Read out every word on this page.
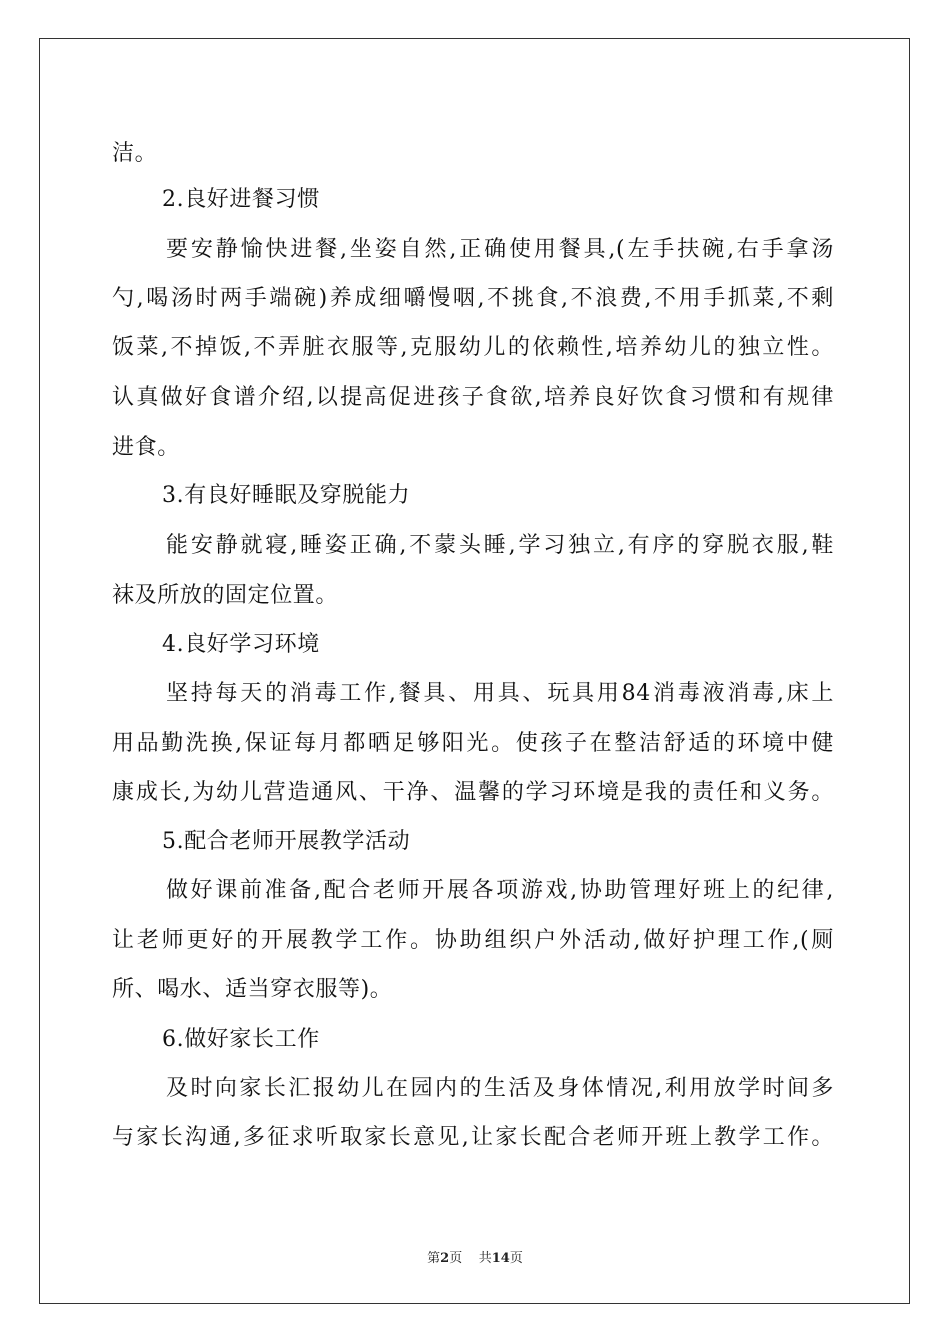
洁。
2.良好进餐习惯
要安静愉快进餐,坐姿自然,正确使用餐具,(左手扶碗,右手拿汤
勺,喝汤时两手端碗)养成细嚼慢咽,不挑食,不浪费,不用手抓菜,不剩
饭菜,不掉饭,不弄脏衣服等,克服幼儿的依赖性,培养幼儿的独立性。
认真做好食谱介绍,以提高促进孩子食欲,培养良好饮食习惯和有规律
进食。
3.有良好睡眠及穿脱能力
能安静就寝,睡姿正确,不蒙头睡,学习独立,有序的穿脱衣服,鞋
袜及所放的固定位置。
4.良好学习环境
坚持每天的消毒工作,餐具、用具、玩具用84消毒液消毒,床上
用品勤洗换,保证每月都晒足够阳光。使孩子在整洁舒适的环境中健
康成长,为幼儿营造通风、干净、温馨的学习环境是我的责任和义务。
5.配合老师开展教学活动
做好课前准备,配合老师开展各项游戏,协助管理好班上的纪律,
让老师更好的开展教学工作。协助组织户外活动,做好护理工作,(厕
所、喝水、适当穿衣服等)。
6.做好家长工作
及时向家长汇报幼儿在园内的生活及身体情况,利用放学时间多
与家长沟通,多征求听取家长意见,让家长配合老师开班上教学工作。
第2页 共14页
